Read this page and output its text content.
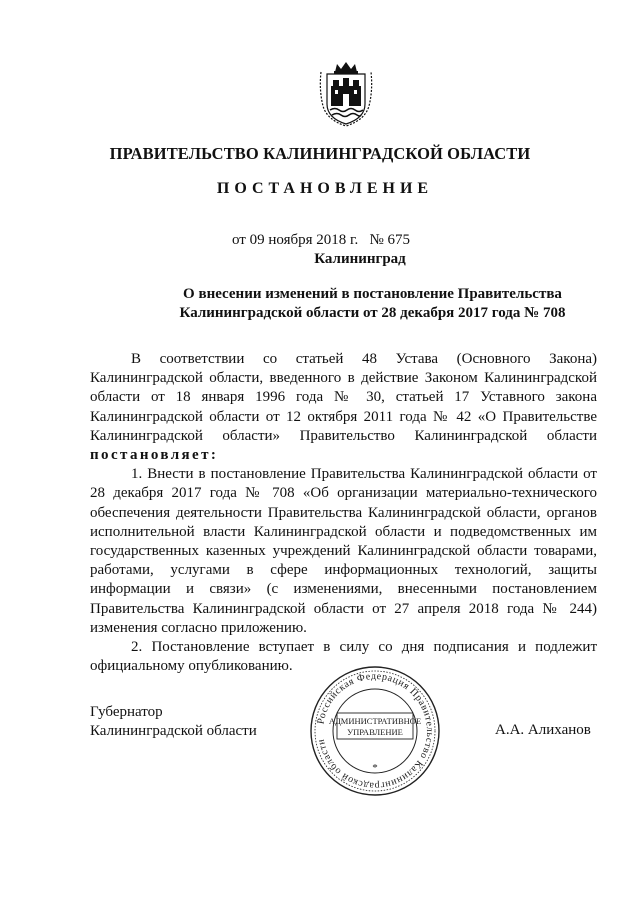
ПРАВИТЕЛЬСТВО КАЛИНИНГРАДСКОЙ ОБЛАСТИ
ПОСТАНОВЛЕНИЕ
от 09 ноября 2018 г.   № 675
Калининград
О внесении изменений в постановление Правительства
Калининградской области от 28 декабря 2017 года № 708

В соответствии со статьей 48 Устава (Основного Закона) Калининградской области, введенного в действие Законом Калининградской области от 18 января 1996 года № 30, статьей 17 Уставного закона Калининградской области от 12 октября 2011 года № 42 «О Правительстве Калининградской области» Правительство Калининградской области постановляет:

1. Внести в постановление Правительства Калининградской области от 28 декабря 2017 года № 708 «Об организации материально-технического обеспечения деятельности Правительства Калининградской области, органов исполнительной власти Калининградской области и подведомственных им государственных казенных учреждений Калининградской области товарами, работами, услугами в сфере информационных технологий, защиты информации и связи» (с изменениями, внесенными постановлением Правительства Калининградской области от 27 апреля 2018 года № 244) изменения согласно приложению.

2. Постановление вступает в силу со дня подписания и подлежит официальному опубликованию.

Губернатор
Калининградской области	А.А. Алиханов
Российская Федерация Правительство Калининградской области
АДМИНИСТРАТИВНОЕ
УПРАВЛЕНИЕ
*
